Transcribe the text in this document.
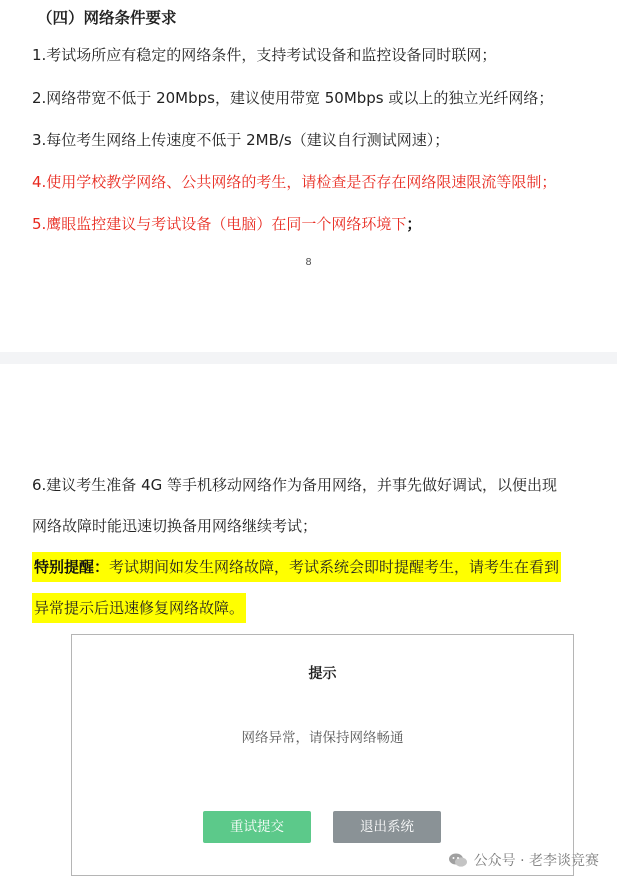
（四）网络条件要求
1.考试场所应有稳定的网络条件，支持考试设备和监控设备同时联网；
2.网络带宽不低于 20Mbps，建议使用带宽 50Mbps 或以上的独立光纤网络；
3.每位考生网络上传速度不低于 2MB/s（建议自行测试网速）；
4.使用学校教学网络、公共网络的考生，请检查是否存在网络限速限流等限制；
5.鹰眼监控建议与考试设备（电脑）在同一个网络环境下；
8
6.建议考生准备 4G 等手机移动网络作为备用网络，并事先做好调试，以便出现
网络故障时能迅速切换备用网络继续考试；
特别提醒：考试期间如发生网络故障，考试系统会即时提醒考生，请考生在看到
异常提示后迅速修复网络故障。
提示
网络异常，请保持网络畅通
重试提交	退出系统
公众号 · 老李谈竞赛
